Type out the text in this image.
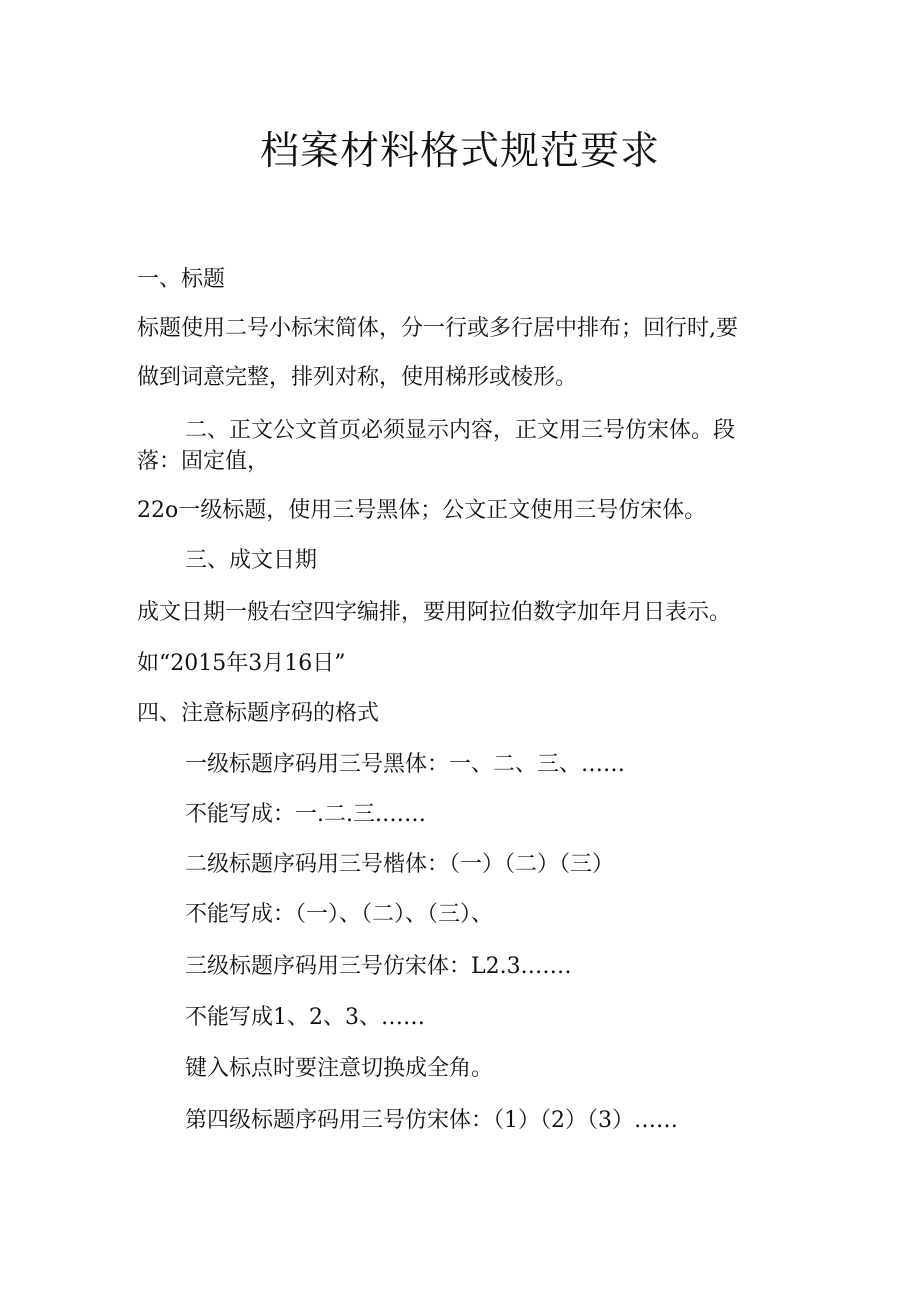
档案材料格式规范要求
一、标题
标题使用二号小标宋简体，分一行或多行居中排布；回行时,要
做到词意完整，排列对称，使用梯形或棱形。
二、正文公文首页必须显示内容，正文用三号仿宋体。段
落：固定值，
22o一级标题，使用三号黑体；公文正文使用三号仿宋体。
三、成文日期
成文日期一般右空四字编排，要用阿拉伯数字加年月日表示。
如“2015年3月16日”
四、注意标题序码的格式
一级标题序码用三号黑体：一、二、三、……
不能写成：一.二.三.……
二级标题序码用三号楷体：（一）（二）（三）
不能写成：（一）、（二）、（三）、
三级标题序码用三号仿宋体：L2.3.……
不能写成1、2、3、……
键入标点时要注意切换成全角。
第四级标题序码用三号仿宋体：（1）（2）（3）……
